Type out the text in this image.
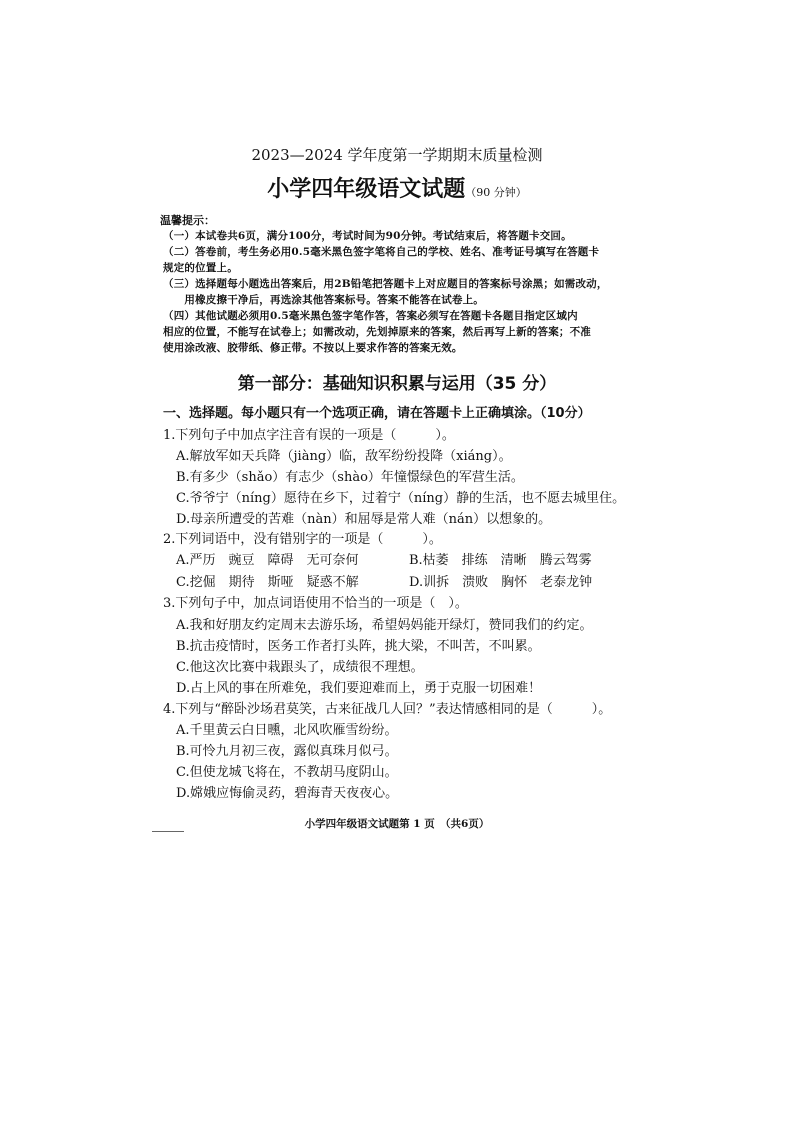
2023—2024 学年度第一学期期末质量检测
小学四年级语文试题（90 分钟）
温馨提示：
（一）本试卷共6页，满分100分，考试时间为90分钟。考试结束后，将答题卡交回。
（二）答卷前，考生务必用0.5毫米黑色签字笔将自己的学校、姓名、准考证号填写在答题卡
规定的位置上。
（三）选择题每小题选出答案后，用2B铅笔把答题卡上对应题目的答案标号涂黑；如需改动，
　　用橡皮擦干净后，再选涂其他答案标号。答案不能答在试卷上。
（四）其他试题必须用0.5毫米黑色签字笔作答，答案必须写在答题卡各题目指定区域内
相应的位置，不能写在试卷上；如需改动，先划掉原来的答案，然后再写上新的答案；不准
使用涂改液、胶带纸、修正带。不按以上要求作答的答案无效。
第一部分：基础知识积累与运用（35 分）
一、选择题。每小题只有一个选项正确，请在答题卡上正确填涂。（10分）
1.下列句子中加点字注音有误的一项是（　　　）。
A.解放军如天兵降（jiàng）临，敌军纷纷投降（xiáng）。
B.有多少（shǎo）有志少（shào）年憧憬绿色的军营生活。
C.爷爷宁（níng）愿待在乡下，过着宁（níng）静的生活，也不愿去城里住。
D.母亲所遭受的苦难（nàn）和屈辱是常人难（nán）以想象的。
2.下列词语中，没有错别字的一项是（　　　）。
A.严历　豌豆　障碍　无可奈何	B.枯萎　排练　清晰　腾云驾雾
C.挖倔　期待　斯哑　疑惑不解	D.训拆　溃败　胸怀　老泰龙钟
3.下列句子中，加点词语使用不恰当的一项是（　）。
A.我和好朋友约定周末去游乐场，希望妈妈能开绿灯，赞同我们的约定。
B.抗击疫情时，医务工作者打头阵，挑大梁，不叫苦，不叫累。
C.他这次比赛中栽跟头了，成绩很不理想。
D.占上风的事在所难免，我们要迎难而上，勇于克服一切困难！
4.下列与“醉卧沙场君莫笑，古来征战几人回？”表达情感相同的是（　　　）。
A.千里黄云白日曛，北风吹雁雪纷纷。
B.可怜九月初三夜，露似真珠月似弓。
C.但使龙城飞将在，不教胡马度阴山。
D.嫦娥应悔偷灵药，碧海青天夜夜心。
小学四年级语文试题第 1 页　（共6页）
